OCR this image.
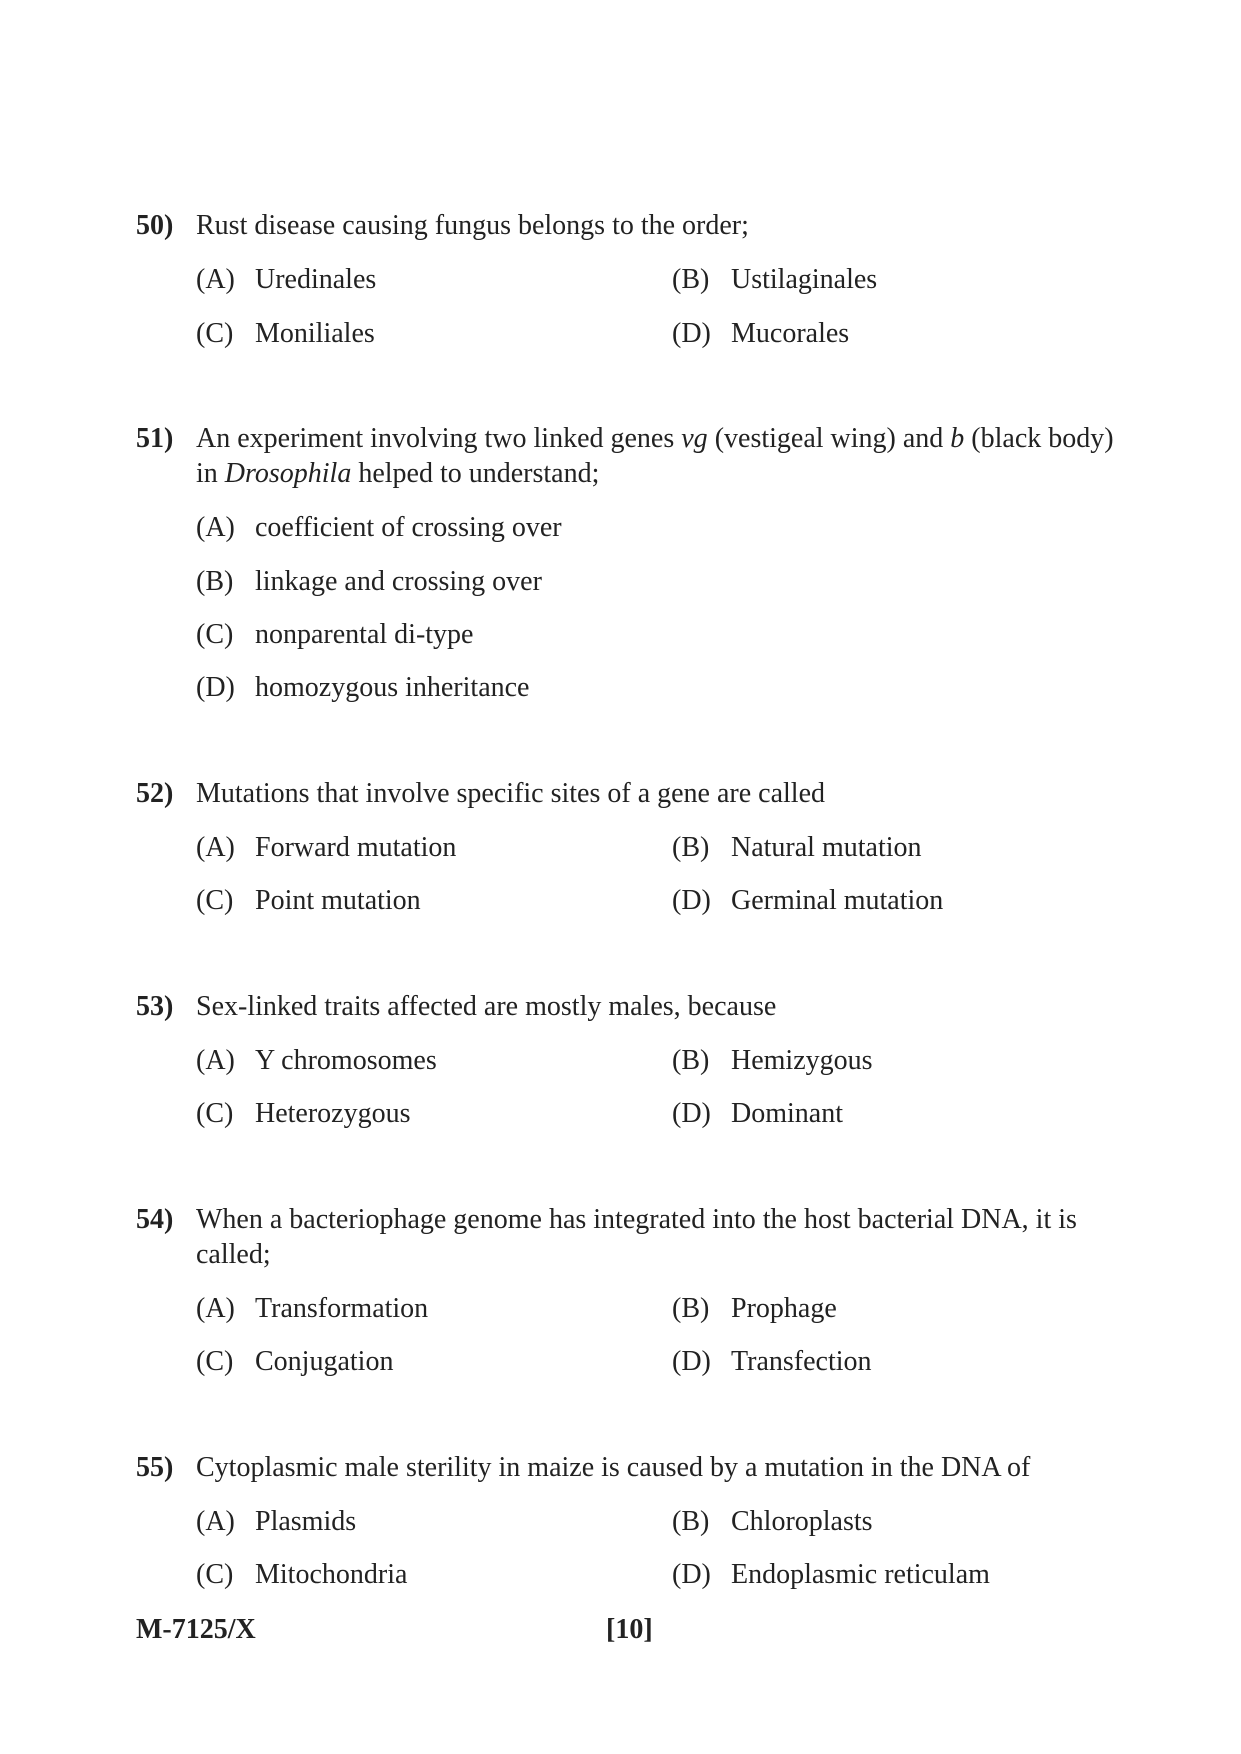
50) Rust disease causing fungus belongs to the order;
(A) Uredinales	(B) Ustilaginales
(C) Moniliales	(D) Mucorales
51) An experiment involving two linked genes vg (vestigeal wing) and b (black body) in Drosophila helped to understand;
(A) coefficient of crossing over
(B) linkage and crossing over
(C) nonparental di-type
(D) homozygous inheritance
52) Mutations that involve specific sites of a gene are called
(A) Forward mutation	(B) Natural mutation
(C) Point mutation	(D) Germinal mutation
53) Sex-linked traits affected are mostly males, because
(A) Y chromosomes	(B) Hemizygous
(C) Heterozygous	(D) Dominant
54) When a bacteriophage genome has integrated into the host bacterial DNA, it is called;
(A) Transformation	(B) Prophage
(C) Conjugation	(D) Transfection
55) Cytoplasmic male sterility in maize is caused by a mutation in the DNA of
(A) Plasmids	(B) Chloroplasts
(C) Mitochondria	(D) Endoplasmic reticulam
M-7125/X	[10]
